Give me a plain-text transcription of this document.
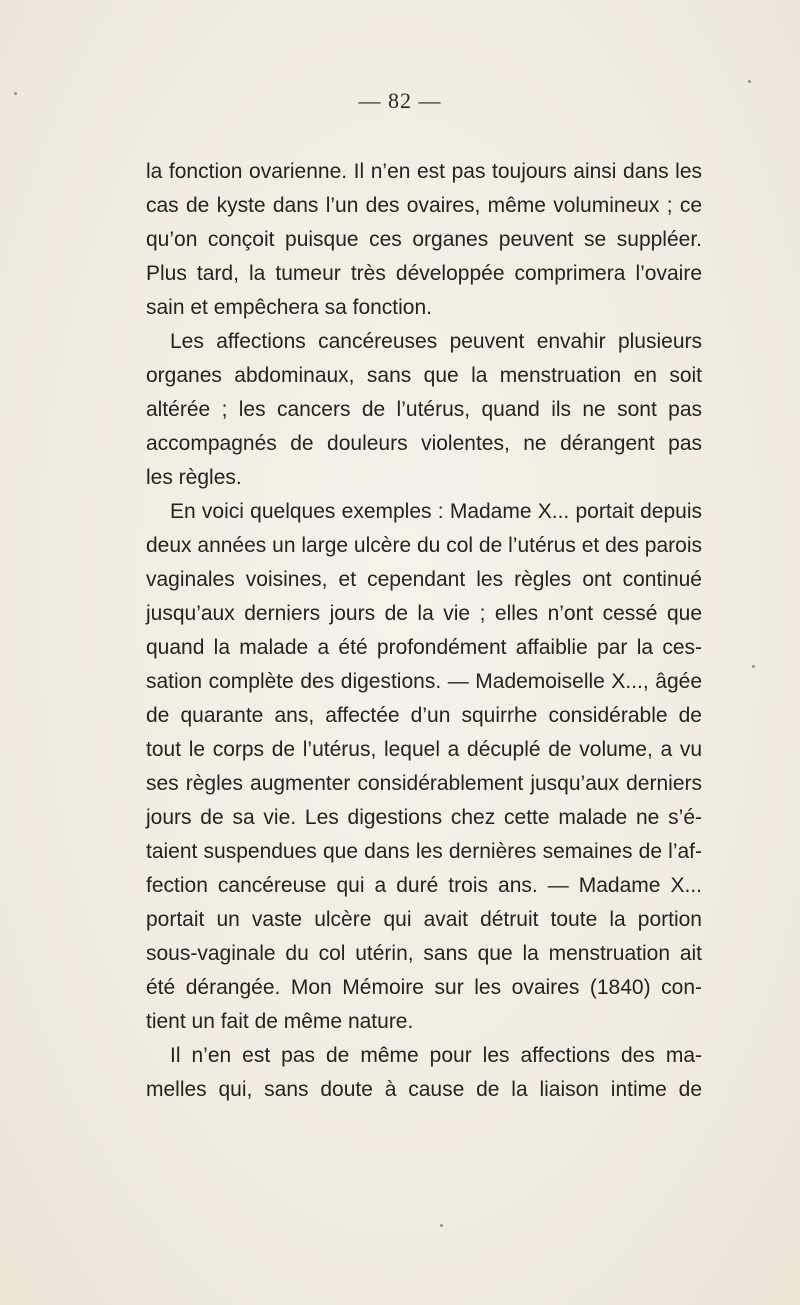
— 82 —
la fonction ovarienne. Il n’en est pas toujours ainsi dans les
cas de kyste dans l’un des ovaires, même volumineux ; ce
qu’on conçoit puisque ces organes peuvent se suppléer.
Plus tard, la tumeur très développée comprimera l’ovaire
sain et empêchera sa fonction.
Les affections cancéreuses peuvent envahir plusieurs
organes abdominaux, sans que la menstruation en soit
altérée ; les cancers de l’utérus, quand ils ne sont pas
accompagnés de douleurs violentes, ne dérangent pas
les règles.
En voici quelques exemples : Madame X... portait depuis
deux années un large ulcère du col de l’utérus et des parois
vaginales voisines, et cependant les règles ont continué
jusqu’aux derniers jours de la vie ; elles n’ont cessé que
quand la malade a été profondément affaiblie par la ces-
sation complète des digestions. — Mademoiselle X..., âgée
de quarante ans, affectée d’un squirrhe considérable de
tout le corps de l’utérus, lequel a décuplé de volume, a vu
ses règles augmenter considérablement jusqu’aux derniers
jours de sa vie. Les digestions chez cette malade ne s’é-
taient suspendues que dans les dernières semaines de l’af-
fection cancéreuse qui a duré trois ans. — Madame X...
portait un vaste ulcère qui avait détruit toute la portion
sous-vaginale du col utérin, sans que la menstruation ait
été dérangée. Mon Mémoire sur les ovaires (1840) con-
tient un fait de même nature.
Il n’en est pas de même pour les affections des ma-
melles qui, sans doute à cause de la liaison intime de
